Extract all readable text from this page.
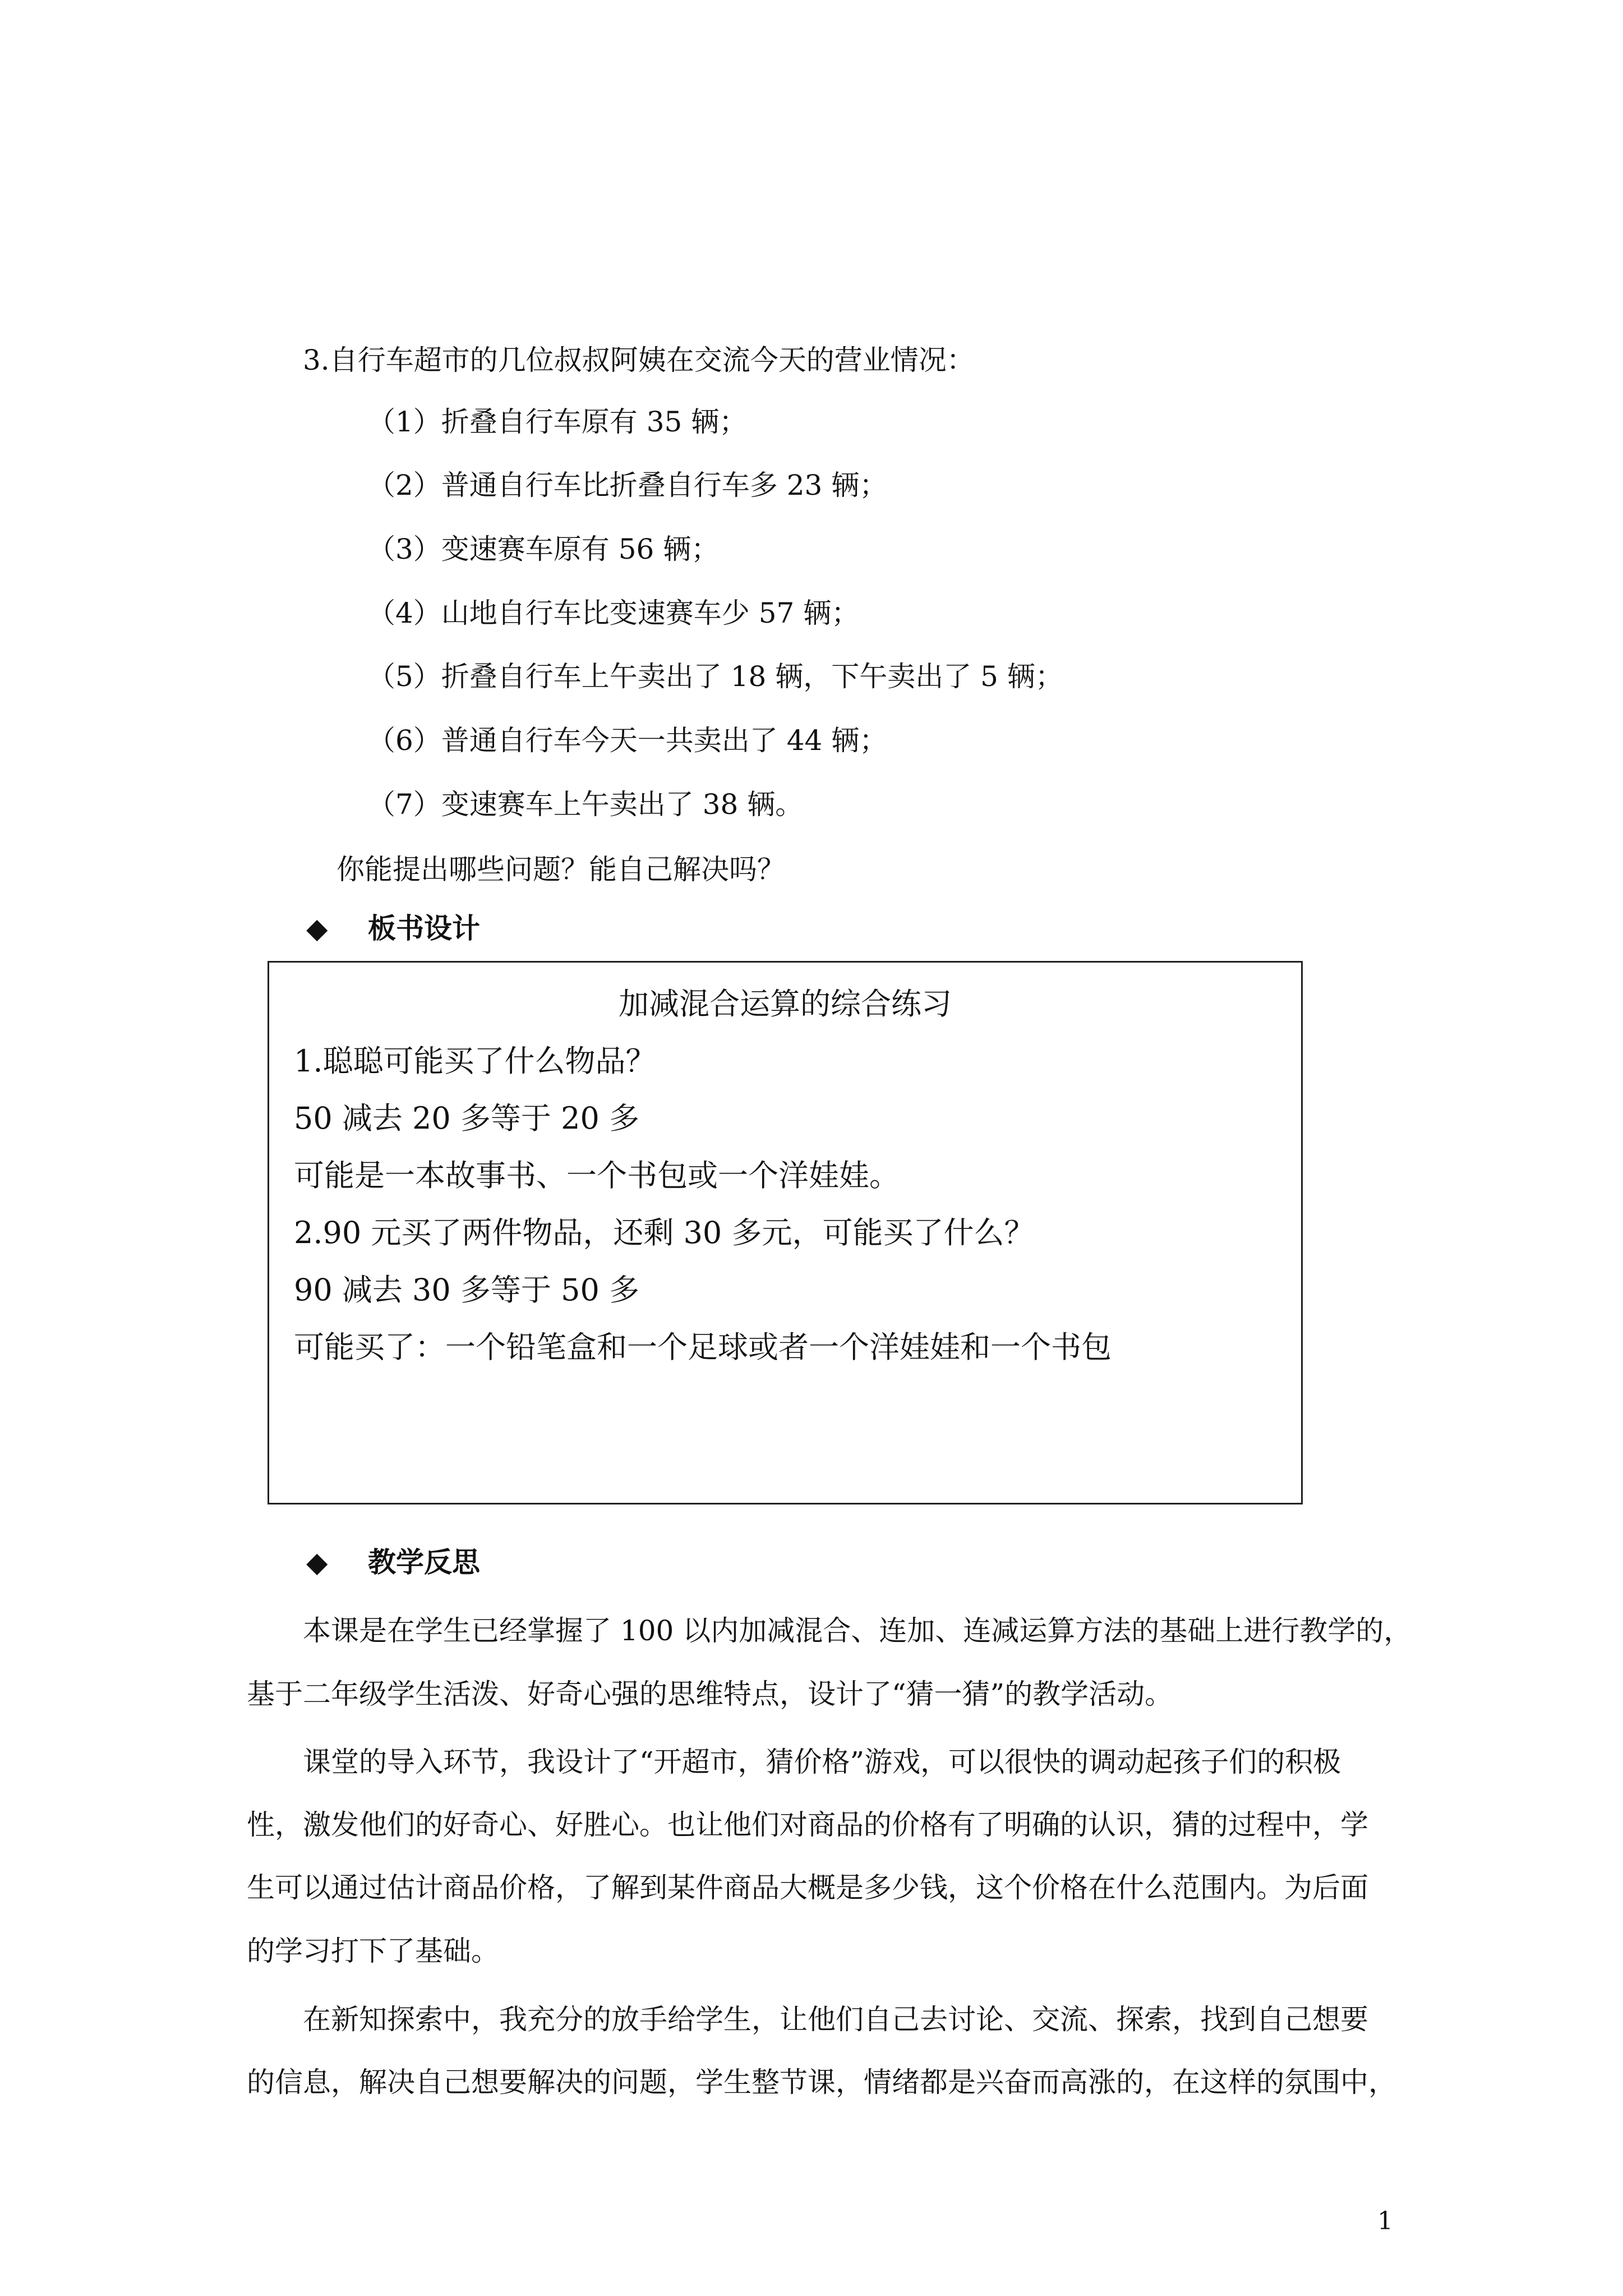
3.自行车超市的几位叔叔阿姨在交流今天的营业情况：
（1）折叠自行车原有 35 辆；
（2）普通自行车比折叠自行车多 23 辆；
（3）变速赛车原有 56 辆；
（4）山地自行车比变速赛车少 57 辆；
（5）折叠自行车上午卖出了 18 辆，下午卖出了 5 辆；
（6）普通自行车今天一共卖出了 44 辆；
（7）变速赛车上午卖出了 38 辆。
你能提出哪些问题？能自己解决吗？
◆ 板书设计
加减混合运算的综合练习
1.聪聪可能买了什么物品？
50 减去 20 多等于 20 多
可能是一本故事书、一个书包或一个洋娃娃。
2.90 元买了两件物品，还剩 30 多元，可能买了什么？
90 减去 30 多等于 50 多
可能买了：一个铅笔盒和一个足球或者一个洋娃娃和一个书包
◆ 教学反思
本课是在学生已经掌握了 100 以内加减混合、连加、连减运算方法的基础上进行教学的，
基于二年级学生活泼、好奇心强的思维特点，设计了“猜一猜”的教学活动。
课堂的导入环节，我设计了“开超市，猜价格”游戏，可以很快的调动起孩子们的积极
性，激发他们的好奇心、好胜心。也让他们对商品的价格有了明确的认识，猜的过程中，学
生可以通过估计商品价格，了解到某件商品大概是多少钱，这个价格在什么范围内。为后面
的学习打下了基础。
在新知探索中，我充分的放手给学生，让他们自己去讨论、交流、探索，找到自己想要
的信息，解决自己想要解决的问题，学生整节课，情绪都是兴奋而高涨的，在这样的氛围中，
1
